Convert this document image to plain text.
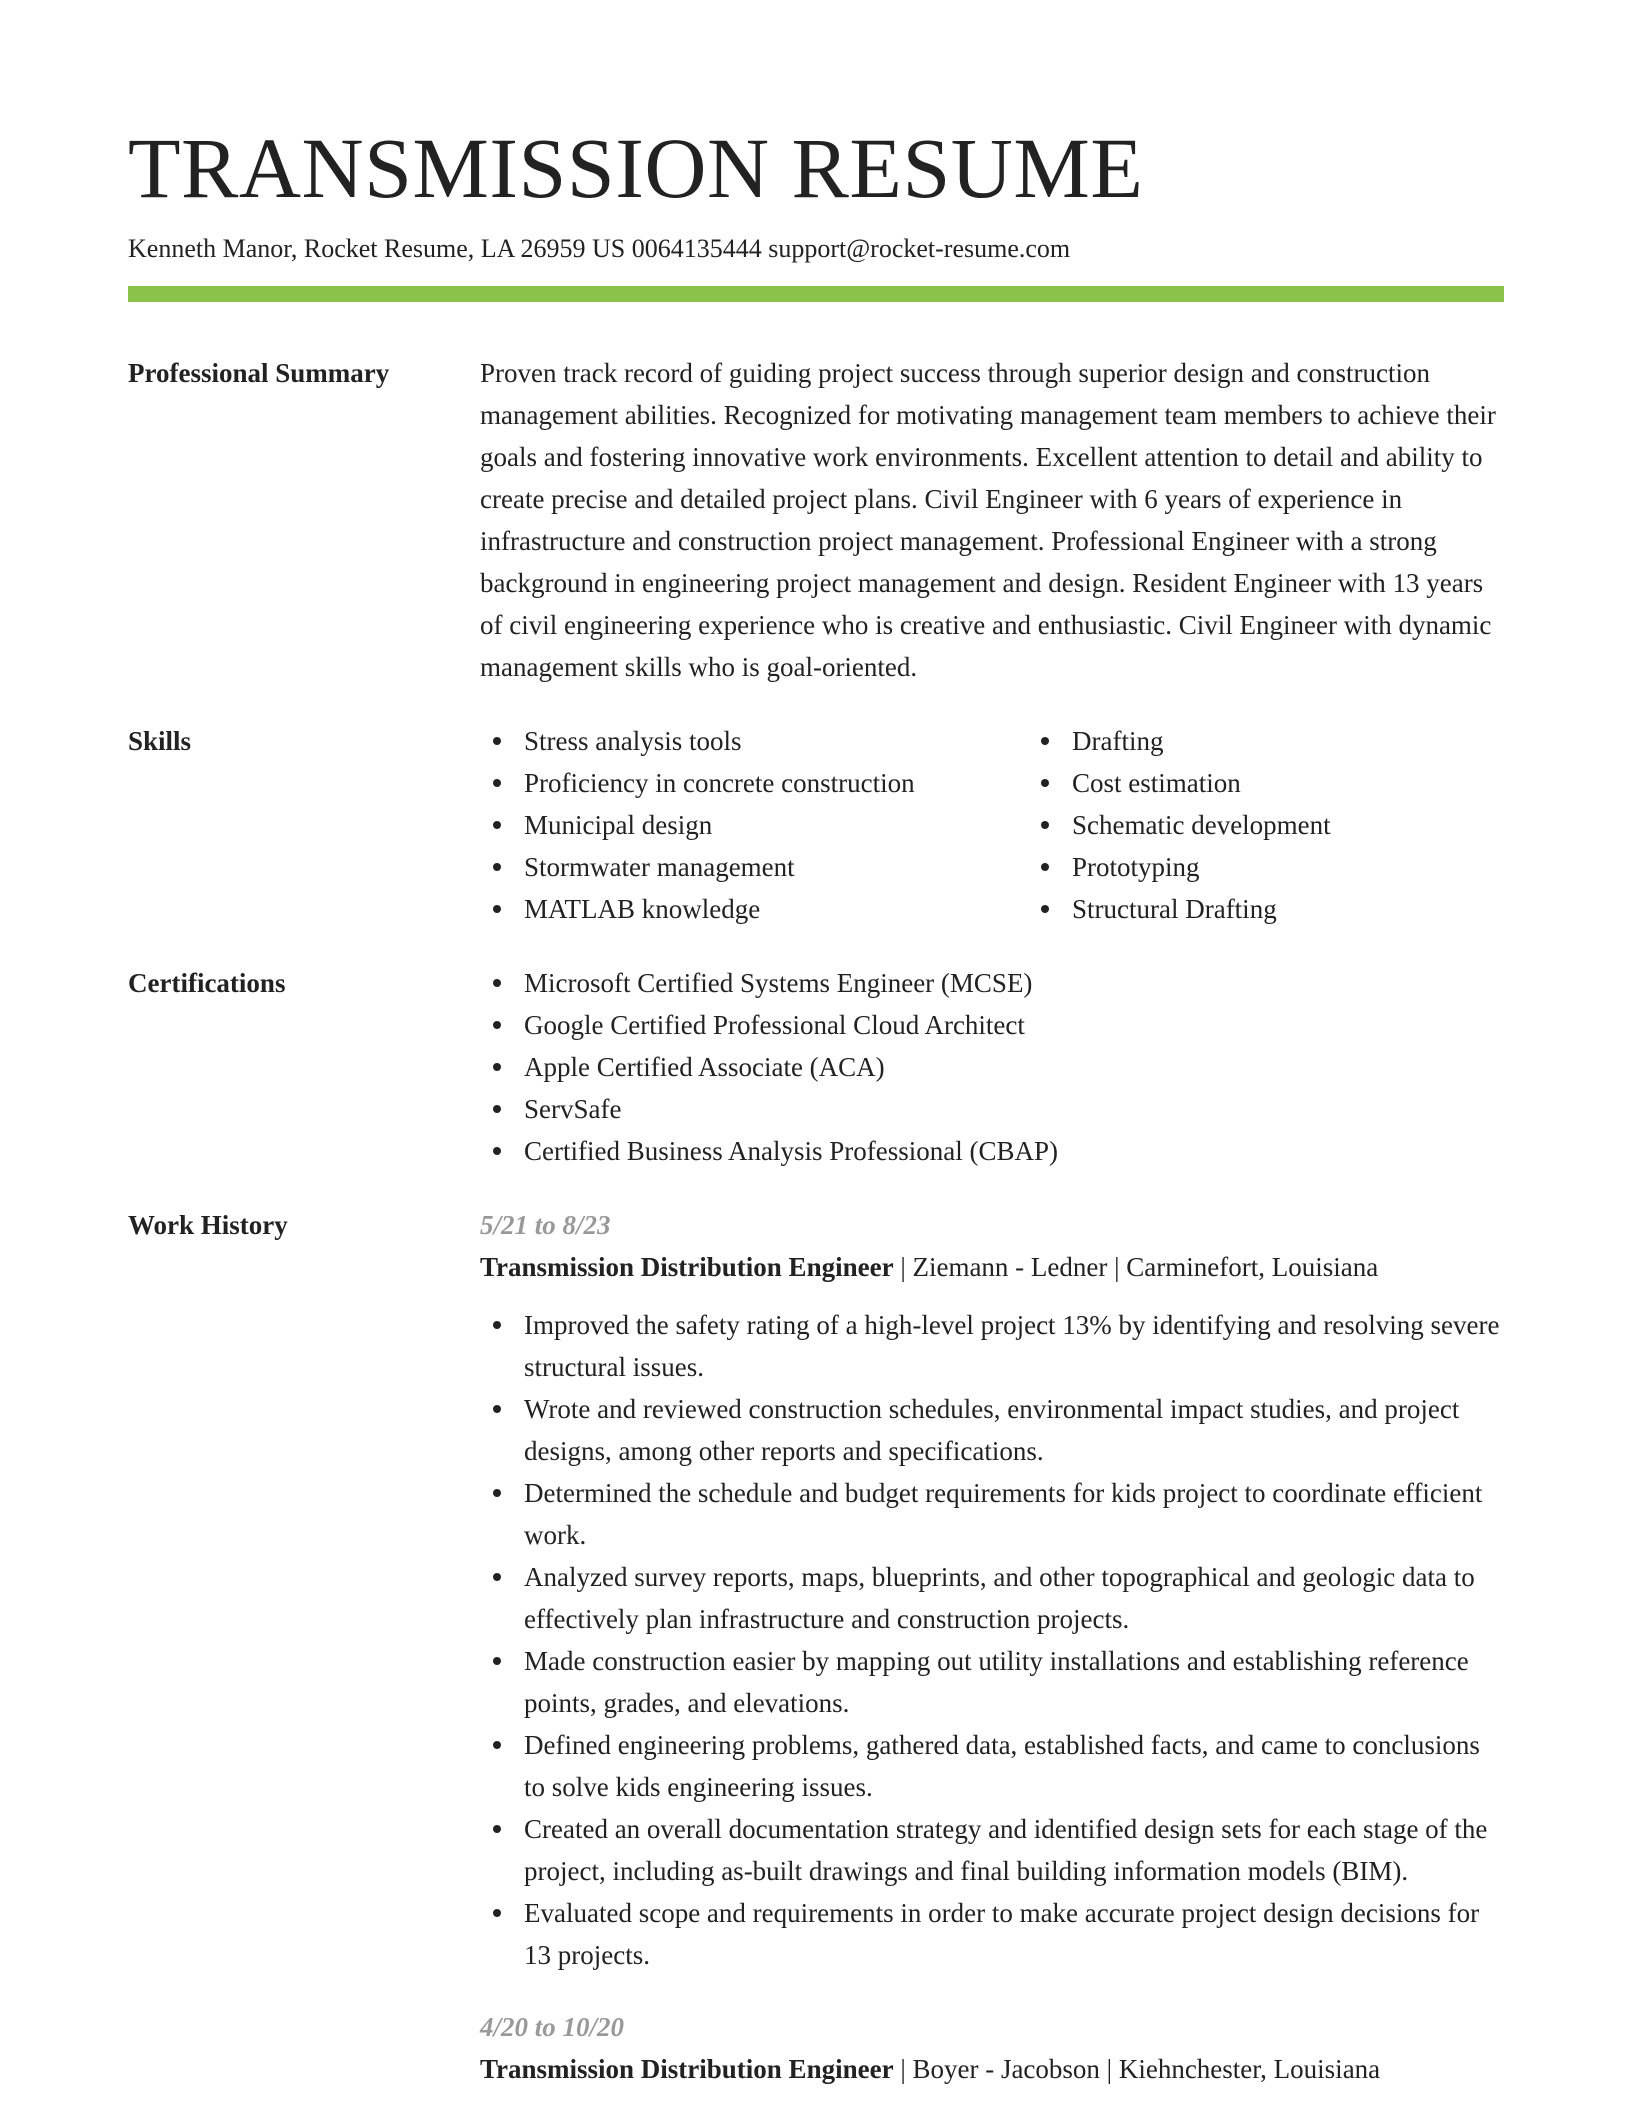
TRANSMISSION RESUME
Kenneth Manor, Rocket Resume, LA 26959 US 0064135444 support@rocket-resume.com
Professional Summary	Proven track record of guiding project success through superior design and construction management abilities. Recognized for motivating management team members to achieve their goals and fostering innovative work environments. Excellent attention to detail and ability to create precise and detailed project plans. Civil Engineer with 6 years of experience in infrastructure and construction project management. Professional Engineer with a strong background in engineering project management and design. Resident Engineer with 13 years of civil engineering experience who is creative and enthusiastic. Civil Engineer with dynamic management skills who is goal-oriented.
Skills	Stress analysis tools
Proficiency in concrete construction
Municipal design
Stormwater management
MATLAB knowledge
Drafting
Cost estimation
Schematic development
Prototyping
Structural Drafting
Certifications	Microsoft Certified Systems Engineer (MCSE)
Google Certified Professional Cloud Architect
Apple Certified Associate (ACA)
ServSafe
Certified Business Analysis Professional (CBAP)
Work History	5/21 to 8/23
Transmission Distribution Engineer | Ziemann - Ledner | Carminefort, Louisiana
Improved the safety rating of a high-level project 13% by identifying and resolving severe structural issues.
Wrote and reviewed construction schedules, environmental impact studies, and project designs, among other reports and specifications.
Determined the schedule and budget requirements for kids project to coordinate efficient work.
Analyzed survey reports, maps, blueprints, and other topographical and geologic data to effectively plan infrastructure and construction projects.
Made construction easier by mapping out utility installations and establishing reference points, grades, and elevations.
Defined engineering problems, gathered data, established facts, and came to conclusions to solve kids engineering issues.
Created an overall documentation strategy and identified design sets for each stage of the project, including as-built drawings and final building information models (BIM).
Evaluated scope and requirements in order to make accurate project design decisions for 13 projects.
4/20 to 10/20
Transmission Distribution Engineer | Boyer - Jacobson | Kiehnchester, Louisiana
